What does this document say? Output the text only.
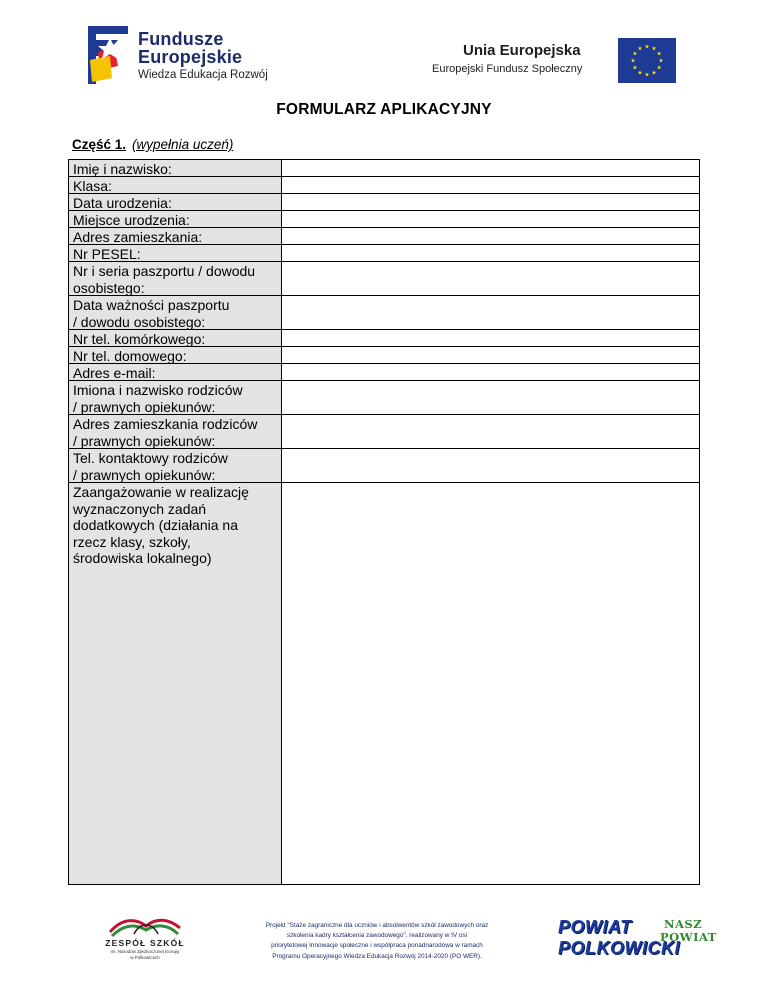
Fundusze
Europejskie
Wiedza Edukacja Rozwój
Unia Europejska
Europejski Fundusz Społeczny
FORMULARZ APLIKACYJNY
Część 1. (wypełnia uczeń)
Imię i nazwisko:
Klasa:
Data urodzenia:
Miejsce urodzenia:
Adres zamieszkania:
Nr PESEL:
Nr i seria paszportu / dowodu
osobistego:
Data ważności paszportu
/ dowodu osobistego:
Nr tel. komórkowego:
Nr tel. domowego:
Adres e-mail:
Imiona i nazwisko rodziców
/ prawnych opiekunów:
Adres zamieszkania rodziców
/ prawnych opiekunów:
Tel. kontaktowy rodziców
/ prawnych opiekunów:
Zaangażowanie w realizację
wyznaczonych zadań
dodatkowych (działania na
rzecz klasy, szkoły,
środowiska lokalnego)
ZESPÓŁ SZKÓŁ
im. Narodów Zjednoczonej Europy
w Polkowicach
Projekt "Staże zagraniczne dla uczniów i absolwentów szkół zawodowych oraz
szkolenia kadry kształcenia zawodowego", realizowany w IV osi
priorytetowej Innowacje społeczne i współpraca ponadnarodowa w ramach
Programu Operacyjnego Wiedza Edukacja Rozwój 2014-2020 (PO WER).
POWIAT
POLKOWICKI
NASZ
POWIAT
